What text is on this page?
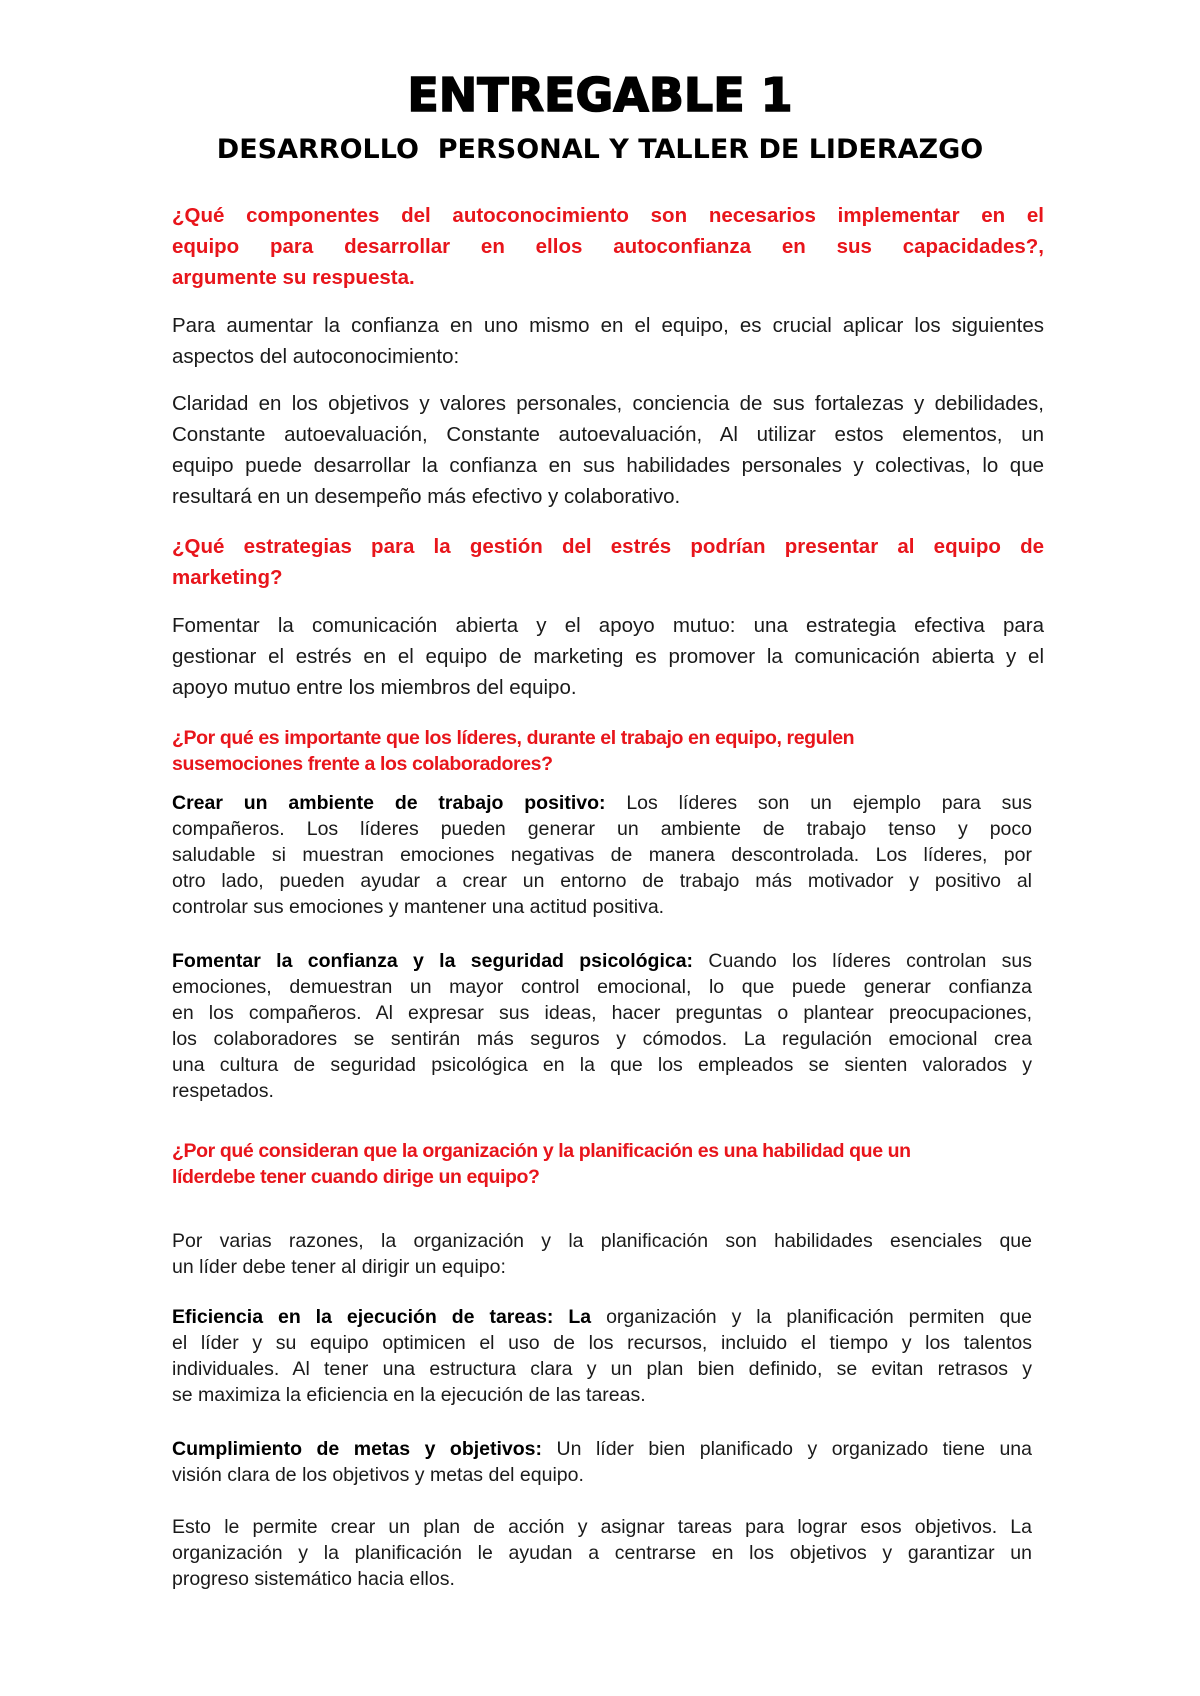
ENTREGABLE 1
DESARROLLO  PERSONAL Y TALLER DE LIDERAZGO
¿Qué componentes del autoconocimiento son necesarios implementar en el
equipo para desarrollar en ellos autoconfianza en sus capacidades?,
argumente su respuesta.
Para aumentar la confianza en uno mismo en el equipo, es crucial aplicar los siguientes
aspectos del autoconocimiento:
Claridad en los objetivos y valores personales, conciencia de sus fortalezas y debilidades,
Constante autoevaluación, Constante autoevaluación, Al utilizar estos elementos, un
equipo puede desarrollar la confianza en sus habilidades personales y colectivas, lo que
resultará en un desempeño más efectivo y colaborativo.
¿Qué estrategias para la gestión del estrés podrían presentar al equipo de
marketing?
Fomentar la comunicación abierta y el apoyo mutuo: una estrategia efectiva para
gestionar el estrés en el equipo de marketing es promover la comunicación abierta y el
apoyo mutuo entre los miembros del equipo.
¿Por qué es importante que los líderes, durante el trabajo en equipo, regulen
susemociones frente a los colaboradores?
Crear un ambiente de trabajo positivo: Los líderes son un ejemplo para sus
compañeros. Los líderes pueden generar un ambiente de trabajo tenso y poco
saludable si muestran emociones negativas de manera descontrolada. Los líderes, por
otro lado, pueden ayudar a crear un entorno de trabajo más motivador y positivo al
controlar sus emociones y mantener una actitud positiva.
Fomentar la confianza y la seguridad psicológica: Cuando los líderes controlan sus
emociones, demuestran un mayor control emocional, lo que puede generar confianza
en los compañeros. Al expresar sus ideas, hacer preguntas o plantear preocupaciones,
los colaboradores se sentirán más seguros y cómodos. La regulación emocional crea
una cultura de seguridad psicológica en la que los empleados se sienten valorados y
respetados.
¿Por qué consideran que la organización y la planificación es una habilidad que un
líderdebe tener cuando dirige un equipo?
Por varias razones, la organización y la planificación son habilidades esenciales que
un líder debe tener al dirigir un equipo:
Eficiencia en la ejecución de tareas: La organización y la planificación permiten que
el líder y su equipo optimicen el uso de los recursos, incluido el tiempo y los talentos
individuales. Al tener una estructura clara y un plan bien definido, se evitan retrasos y
se maximiza la eficiencia en la ejecución de las tareas.
Cumplimiento de metas y objetivos: Un líder bien planificado y organizado tiene una
visión clara de los objetivos y metas del equipo.
Esto le permite crear un plan de acción y asignar tareas para lograr esos objetivos. La
organización y la planificación le ayudan a centrarse en los objetivos y garantizar un
progreso sistemático hacia ellos.
